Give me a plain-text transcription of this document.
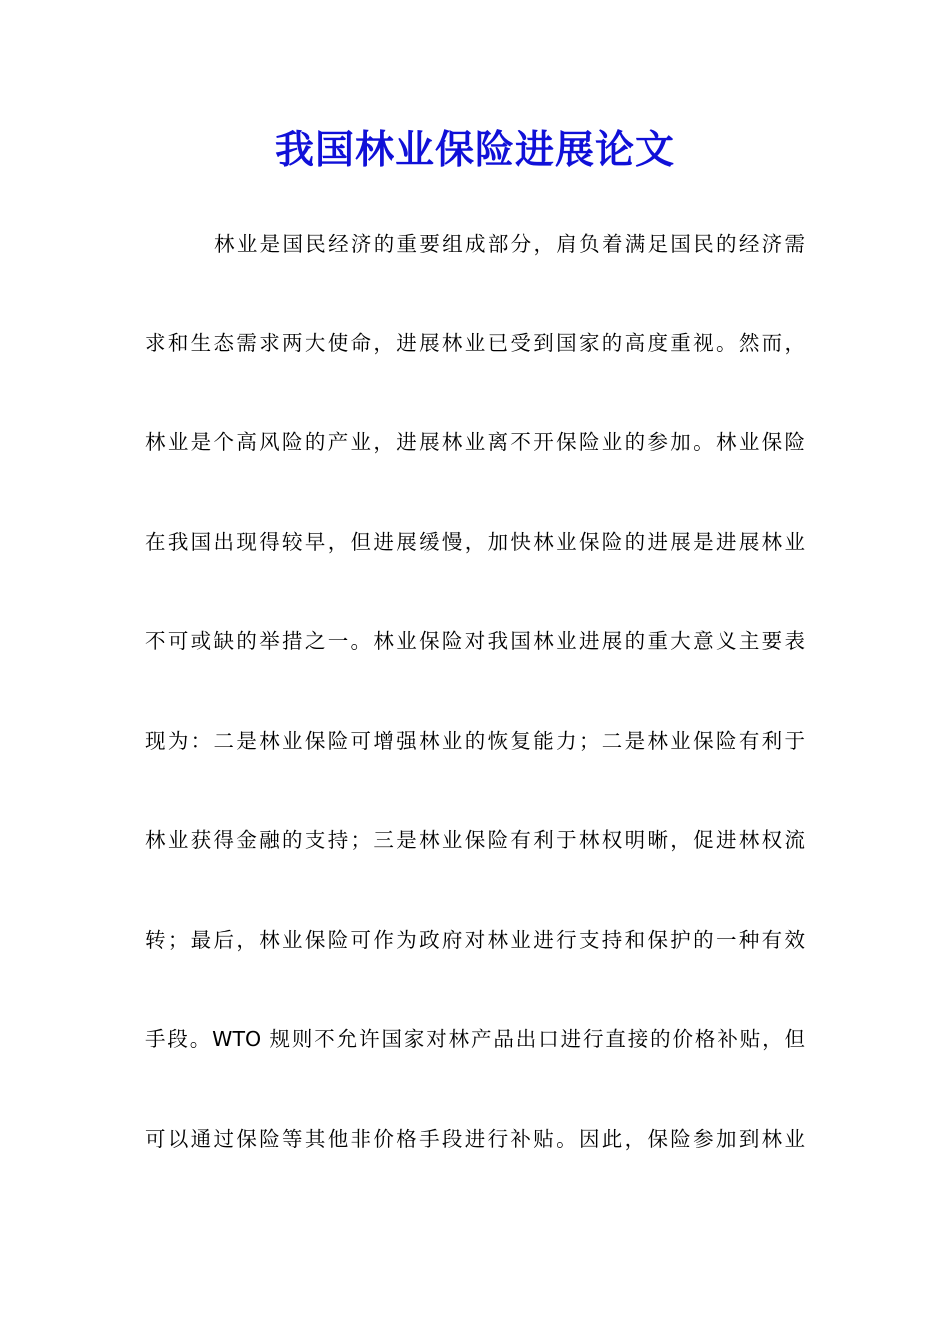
我国林业保险进展论文
林业是国民经济的重要组成部分，肩负着满足国民的经济需
求和生态需求两大使命，进展林业已受到国家的高度重视。然而，
林业是个高风险的产业，进展林业离不开保险业的参加。林业保险
在我国出现得较早，但进展缓慢，加快林业保险的进展是进展林业
不可或缺的举措之一。林业保险对我国林业进展的重大意义主要表
现为：二是林业保险可增强林业的恢复能力；二是林业保险有利于
林业获得金融的支持；三是林业保险有利于林权明晰，促进林权流
转；最后，林业保险可作为政府对林业进行支持和保护的一种有效
手段。WTO 规则不允许国家对林产品出口进行直接的价格补贴，但
可以通过保险等其他非价格手段进行补贴。因此，保险参加到林业
